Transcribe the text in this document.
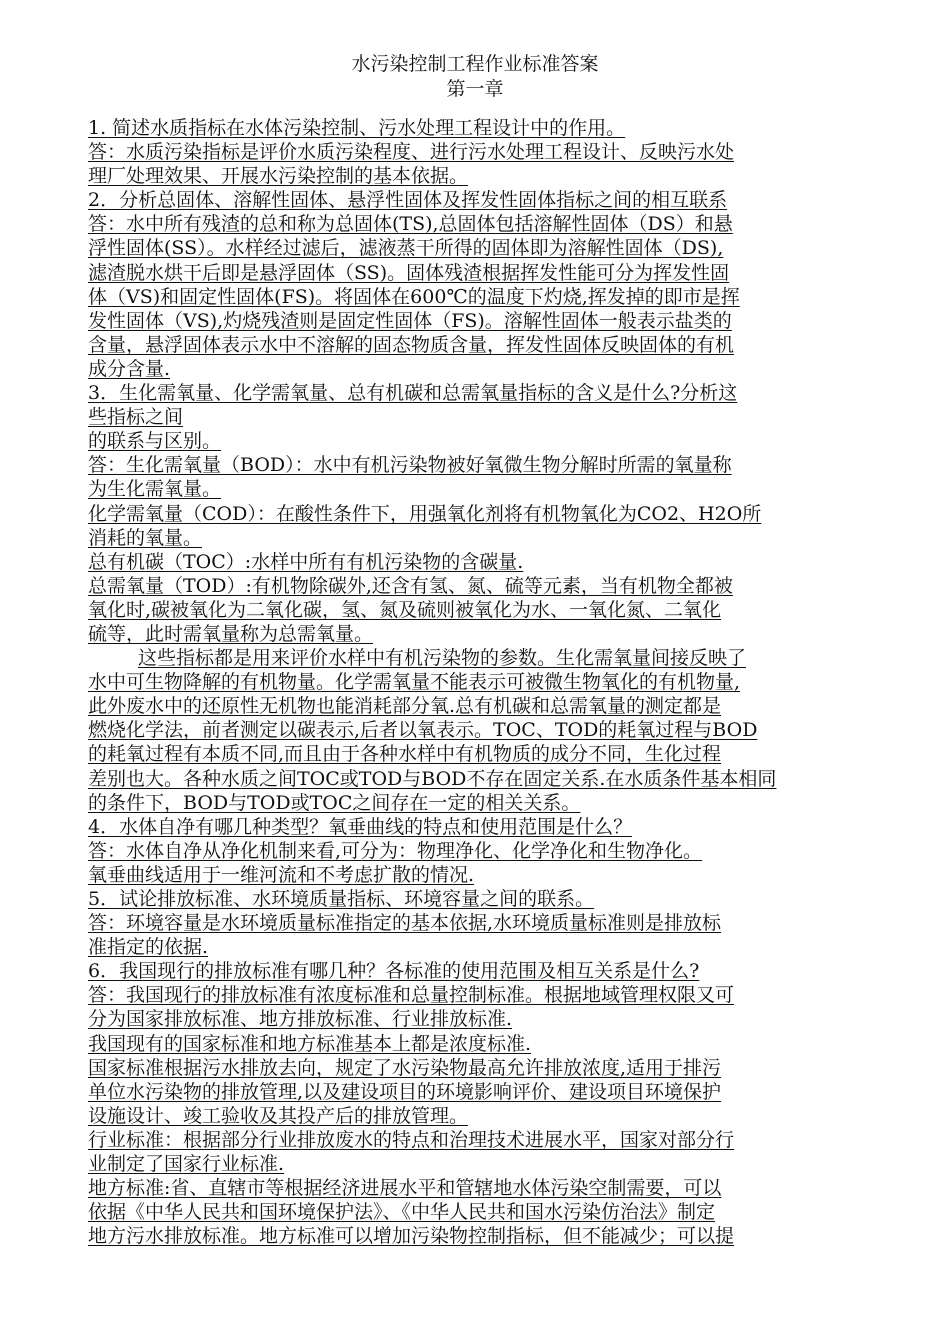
水污染控制工程作业标准答案
第一章
1. 简述水质指标在水体污染控制、污水处理工程设计中的作用。
答：水质污染指标是评价水质污染程度、进行污水处理工程设计、反映污水处
理厂处理效果、开展水污染控制的基本依据。
2．分析总固体、溶解性固体、悬浮性固体及挥发性固体指标之间的相互联系
答：水中所有残渣的总和称为总固体(TS),总固体包括溶解性固体（DS）和悬
浮性固体(SS）。水样经过滤后，滤液蒸干所得的固体即为溶解性固体（DS),
滤渣脱水烘干后即是悬浮固体（SS)。固体残渣根据挥发性能可分为挥发性固
体（VS)和固定性固体(FS)。将固体在600℃的温度下灼烧,挥发掉的即市是挥
发性固体（VS),灼烧残渣则是固定性固体（FS)。溶解性固体一般表示盐类的
含量，悬浮固体表示水中不溶解的固态物质含量，挥发性固体反映固体的有机
成分含量.
3．生化需氧量、化学需氧量、总有机碳和总需氧量指标的含义是什么?分析这
些指标之间
的联系与区别。
答：生化需氧量（BOD）：水中有机污染物被好氧微生物分解时所需的氧量称
为生化需氧量。
化学需氧量（COD）：在酸性条件下，用强氧化剂将有机物氧化为CO2、H2O所
消耗的氧量。
总有机碳（TOC）:水样中所有有机污染物的含碳量.
总需氧量（TOD）:有机物除碳外,还含有氢、氮、硫等元素，当有机物全都被
氧化时,碳被氧化为二氧化碳，氢、氮及硫则被氧化为水、一氧化氮、二氧化
硫等，此时需氧量称为总需氧量。
这些指标都是用来评价水样中有机污染物的参数。生化需氧量间接反映了
水中可生物降解的有机物量。化学需氧量不能表示可被微生物氧化的有机物量,
此外废水中的还原性无机物也能消耗部分氧.总有机碳和总需氧量的测定都是
燃烧化学法，前者测定以碳表示,后者以氧表示。TOC、TOD的耗氧过程与BOD
的耗氧过程有本质不同,而且由于各种水样中有机物质的成分不同，生化过程
差别也大。各种水质之间TOC或TOD与BOD不存在固定关系.在水质条件基本相同
的条件下，BOD与TOD或TOC之间存在一定的相关关系。
4．水体自净有哪几种类型？氧垂曲线的特点和使用范围是什么？
答：水体自净从净化机制来看,可分为：物理净化、化学净化和生物净化。
氧垂曲线适用于一维河流和不考虑扩散的情况.
5．试论排放标准、水环境质量指标、环境容量之间的联系。
答：环境容量是水环境质量标准指定的基本依据,水环境质量标准则是排放标
准指定的依据.
6．我国现行的排放标准有哪几种？各标准的使用范围及相互关系是什么?
答：我国现行的排放标准有浓度标准和总量控制标准。根据地域管理权限又可
分为国家排放标准、地方排放标准、行业排放标准.
我国现有的国家标准和地方标准基本上都是浓度标准.
国家标准根据污水排放去向，规定了水污染物最高允许排放浓度,适用于排污
单位水污染物的排放管理,以及建设项目的环境影响评价、建设项目环境保护
设施设计、竣工验收及其投产后的排放管理。
行业标准：根据部分行业排放废水的特点和治理技术进展水平，国家对部分行
业制定了国家行业标准.
地方标准:省、直辖市等根据经济进展水平和管辖地水体污染空制需要，可以
依据《中华人民共和国环境保护法》、《中华人民共和国水污染仿治法》制定
地方污水排放标准。地方标准可以增加污染物控制指标，但不能减少；可以提
